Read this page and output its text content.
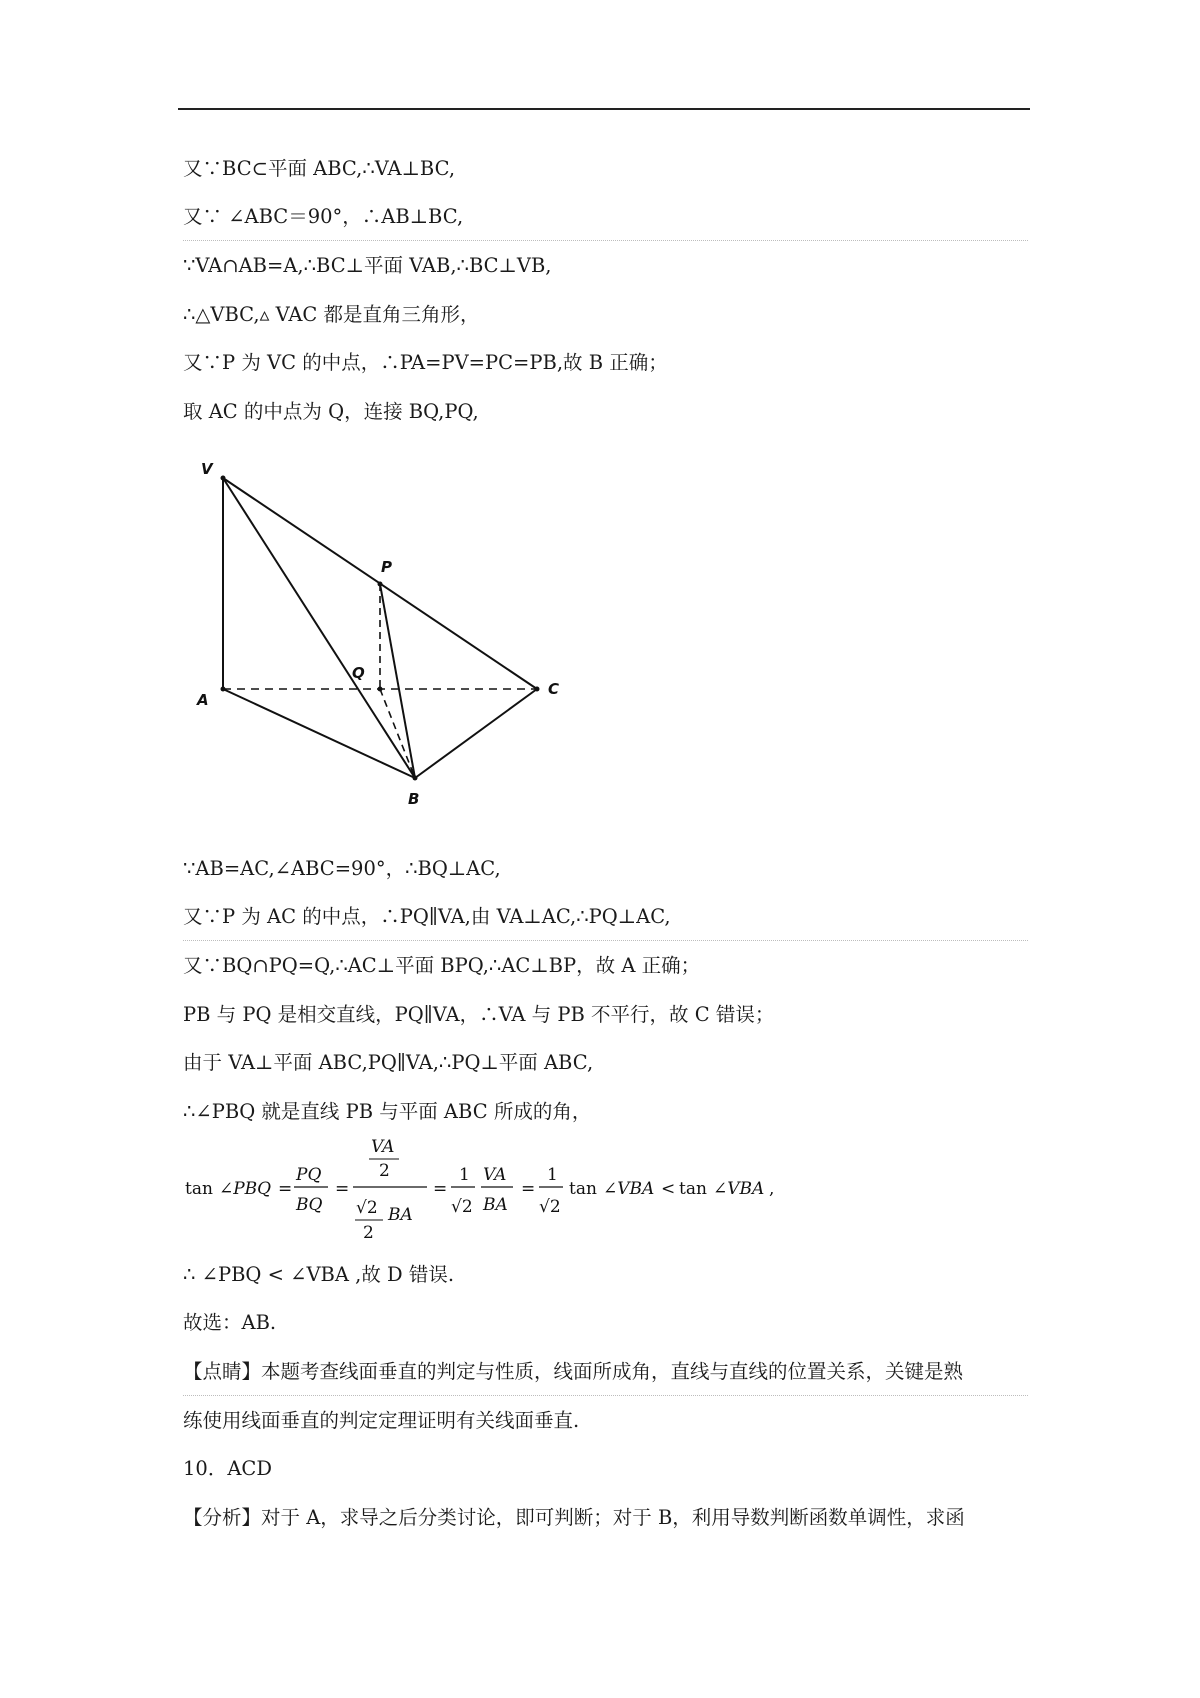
又∵BC⊂平面 ABC,∴VA⊥BC,
又∵ ∠ABC＝90°，∴AB⊥BC,
∵VA∩AB=A,∴BC⊥平面 VAB,∴BC⊥VB,
∴△VBC,▵ VAC 都是直角三角形，
又∵P 为 VC 的中点，∴PA=PV=PC=PB,故 B 正确；
取 AC 的中点为 Q，连接 BQ,PQ,
V
P
Q
A
C
B
∵AB=AC,∠ABC=90°，∴BQ⊥AC,
又∵P 为 AC 的中点，∴PQ∥VA,由 VA⊥AC,∴PQ⊥AC,
又∵BQ∩PQ=Q,∴AC⊥平面 BPQ,∴AC⊥BP，故 A 正确；
PB 与 PQ 是相交直线，PQ∥VA，∴VA 与 PB 不平行，故 C 错误；
由于 VA⊥平面 ABC,PQ∥VA,∴PQ⊥平面 ABC,
∴∠PBQ 就是直线 PB 与平面 ABC 所成的角，
tan ∠PBQ =
PQ
BQ
=
VA
2
√2
2
BA
=
1
√2
VA
BA
=
1
√2
tan ∠VBA < tan ∠VBA ,
∴ ∠PBQ < ∠VBA ,故 D 错误.
故选：AB.
【点睛】本题考查线面垂直的判定与性质，线面所成角，直线与直线的位置关系，关键是熟
练使用线面垂直的判定定理证明有关线面垂直.
10．ACD
【分析】对于 A，求导之后分类讨论，即可判断；对于 B，利用导数判断函数单调性，求函
